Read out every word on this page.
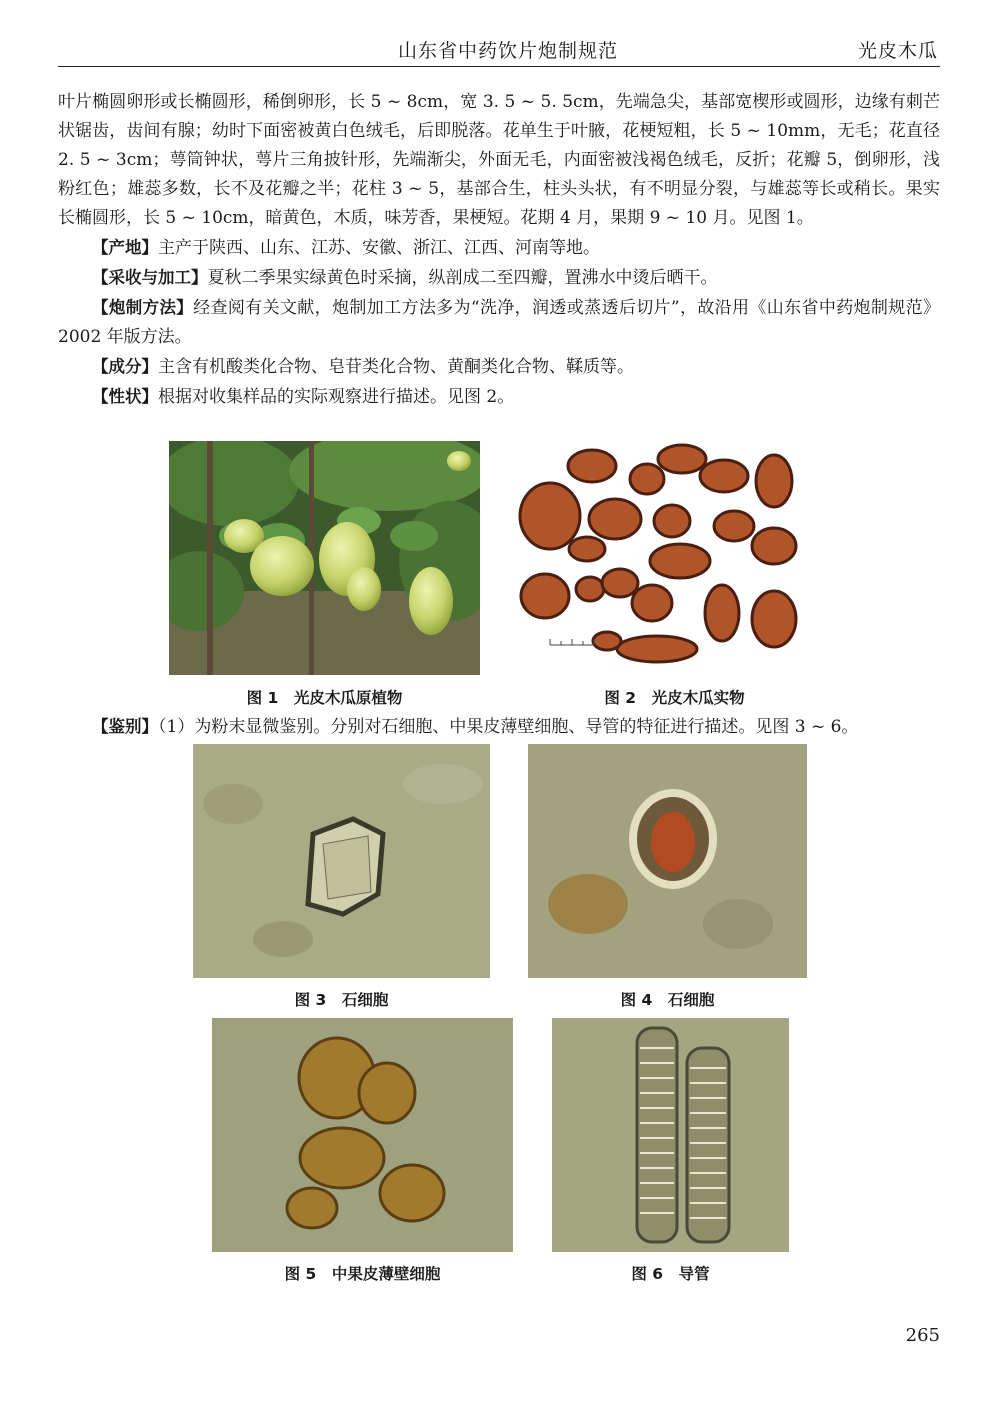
山东省中药饮片炮制规范	光皮木瓜

叶片椭圆卵形或长椭圆形，稀倒卵形，长 5 ~ 8cm，宽 3. 5 ~ 5. 5cm，先端急尖，基部宽楔形或圆形，边缘有刺芒状锯齿，齿间有腺；幼时下面密被黄白色绒毛，后即脱落。花单生于叶腋，花梗短粗，长 5 ~ 10mm，无毛；花直径 2. 5 ~ 3cm；萼筒钟状，萼片三角披针形，先端渐尖，外面无毛，内面密被浅褐色绒毛，反折；花瓣 5，倒卵形，浅粉红色；雄蕊多数，长不及花瓣之半；花柱 3 ~ 5，基部合生，柱头头状，有不明显分裂，与雄蕊等长或稍长。果实长椭圆形，长 5 ~ 10cm，暗黄色，木质，味芳香，果梗短。花期 4 月，果期 9 ~ 10 月。见图 1。

【产地】主产于陕西、山东、江苏、安徽、浙江、江西、河南等地。

【采收与加工】夏秋二季果实绿黄色时采摘，纵剖成二至四瓣，置沸水中烫后晒干。

【炮制方法】经查阅有关文献，炮制加工方法多为“洗净，润透或蒸透后切片”，故沿用《山东省中药炮制规范》2002 年版方法。

【成分】主含有机酸类化合物、皂苷类化合物、黄酮类化合物、鞣质等。

【性状】根据对收集样品的实际观察进行描述。见图 2。

图 1　光皮木瓜原植物	图 2　光皮木瓜实物
【鉴别】（1）为粉末显微鉴别。分别对石细胞、中果皮薄壁细胞、导管的特征进行描述。见图 3 ~ 6。
图 3　石细胞	图 4　石细胞
图 5　中果皮薄壁细胞	图 6　导管
265
